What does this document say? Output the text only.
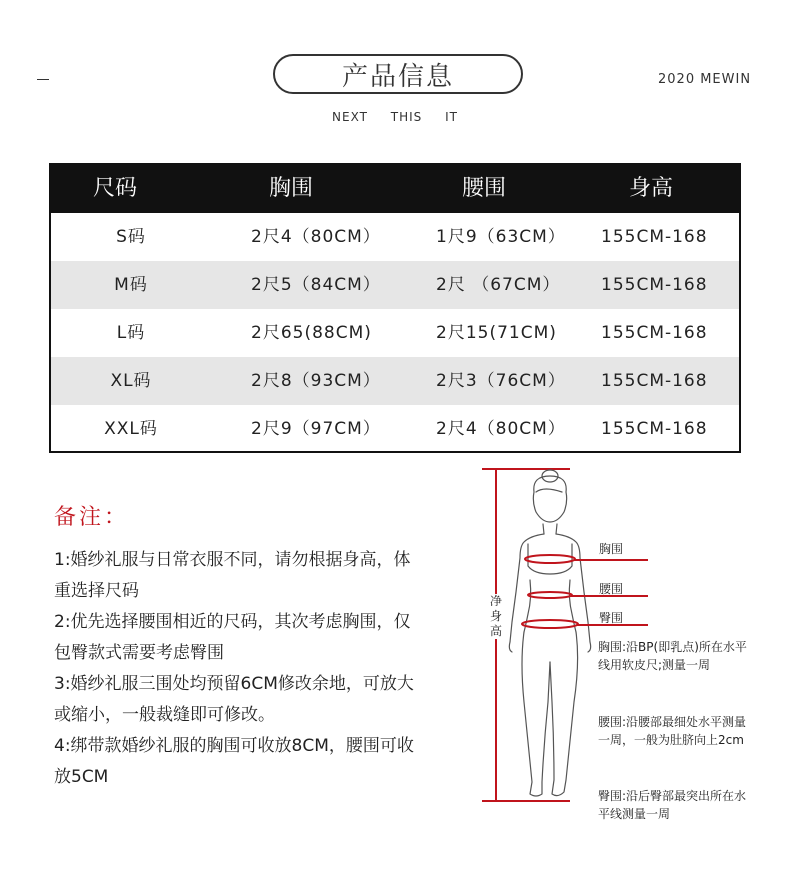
产品信息	2020 MEWIN
NEXT THIS IT
尺码	胸围	腰围	身高
S码	2尺4（80CM）	1尺9（63CM） 155CM-168
M码	2尺5（84CM）	2尺 （67CM） 155CM-168
L码	2尺65(88CM)	2尺15(71CM)	155CM-168
XL码	2尺8（93CM）	2尺3（76CM） 155CM-168
XXL码	2尺9（97CM）	2尺4（80CM） 155CM-168
备注：

1:婚纱礼服与日常衣服不同，请勿根据身高，体重选择尺码

2:优先选择腰围相近的尺码，其次考虑胸围，仅包臀款式需要考虑臀围

3:婚纱礼服三围处均预留6CM修改余地，可放大或缩小，一般裁缝即可修改。

4:绑带款婚纱礼服的胸围可收放8CM，腰围可收放5CM

净身高
胸围
腰围
臀围
胸围:沿BP(即乳点)所在水平线用软皮尺;测量一周
腰围:沿腰部最细处水平测量一周，一般为肚脐向上2cm
臀围:沿后臀部最突出所在水平线测量一周
